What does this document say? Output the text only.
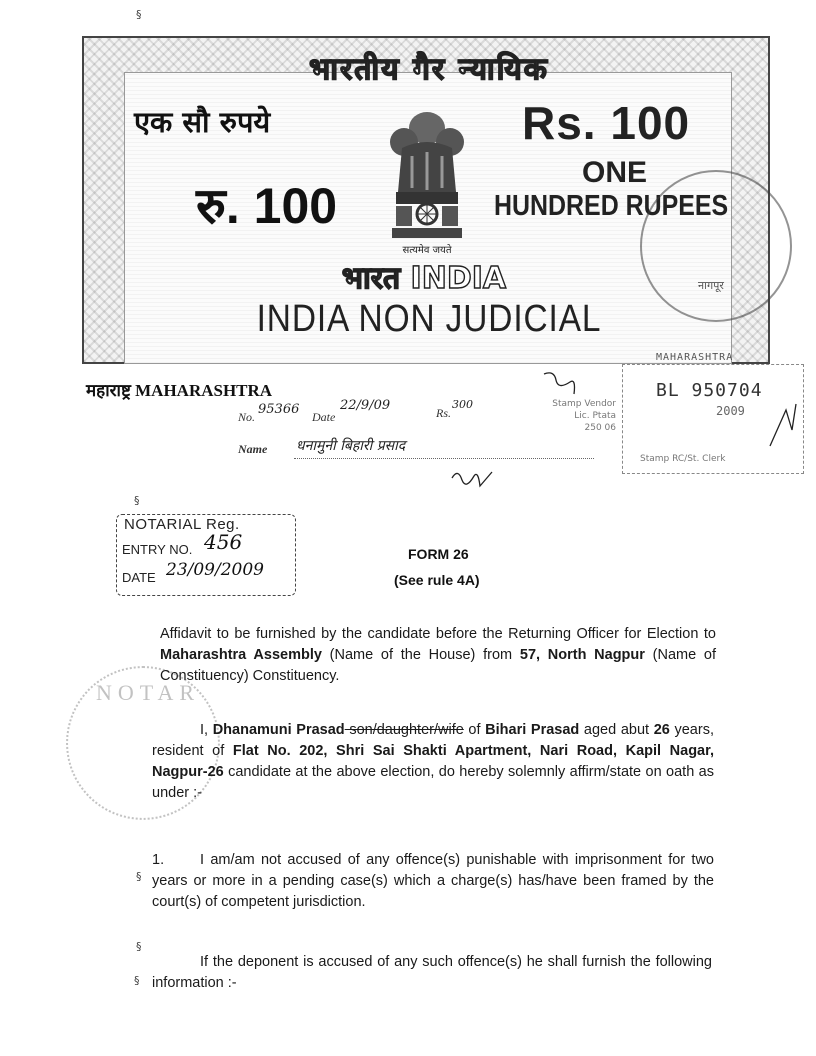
भारतीय गैर न्यायिक
एक सौ रुपये	Rs. 100
रु. 100
ONE
HUNDRED RUPEES
सत्यमेव जयते
भारत INDIA
INDIA NON JUDICIAL
नागपूर
MAHARASHTRA
महाराष्ट्र MAHARASHTRA	BL 950704
2009
Stamp RC/St. Clerk
No. 95366 Date
22/9/09	Rs.
300
Name धनामुनी बिहारी प्रसाद
Stamp Vendor
Lic. Ptata
250 06
NOTARIAL Reg.
ENTRY NO. 456
DATE 23/09/2009
FORM 26
(See rule 4A)
NOTAR
Affidavit to be furnished by the candidate before the Returning Officer for Election to Maharashtra Assembly (Name of the House) from 57, North Nagpur (Name of Constituency) Constituency.
I, Dhanamuni Prasad son/daughter/wife of Bihari Prasad aged abut 26 years, resident of Flat No. 202, Shri Sai Shakti Apartment, Nari Road, Kapil Nagar, Nagpur-26 candidate at the above election, do hereby solemnly affirm/state on oath as under :-
1. I am/am not accused of any offence(s) punishable with imprisonment for two years or more in a pending case(s) which a charge(s) has/have been framed by the court(s) of competent jurisdiction.
If the deponent is accused of any such offence(s) he shall furnish the following information :-
§
§
§
§
§
